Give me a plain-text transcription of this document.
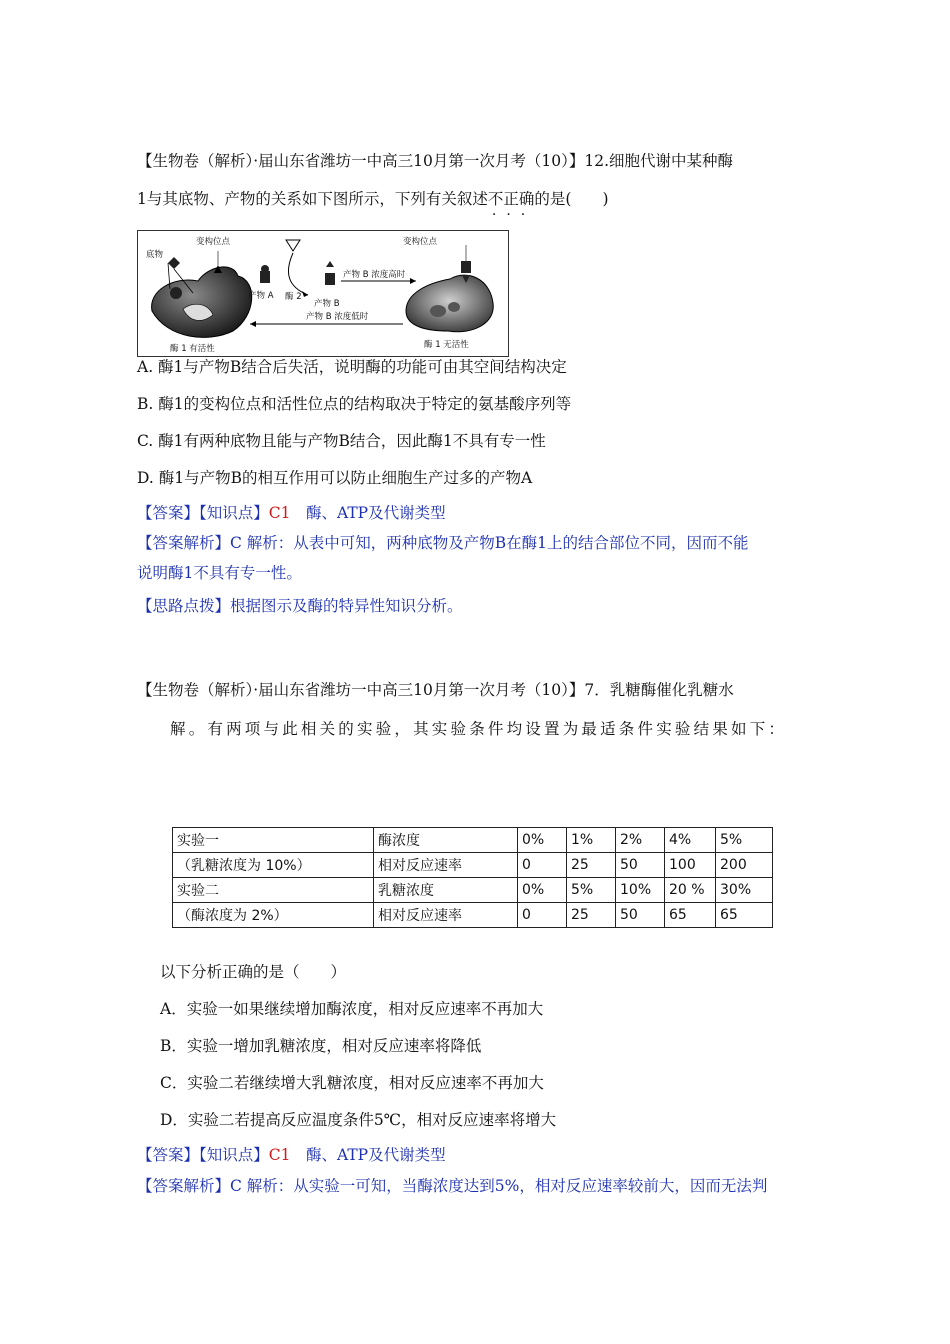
【生物卷（解析）·届山东省潍坊一中高三10月第一次月考（10）】12.细胞代谢中某种酶
1与其底物、产物的关系如下图所示，下列有关叙述不正确
···
的是(　　)
底物
变构位点
酶 1 有活性
产物 A 酶 2
产物 B
产物 B 浓度高时
产物 B 浓度低时
变构位点
酶 1 无活性
A. 酶1与产物B结合后失活，说明酶的功能可由其空间结构决定
B. 酶1的变构位点和活性位点的结构取决于特定的氨基酸序列等
C. 酶1有两种底物且能与产物B结合，因此酶1不具有专一性
D. 酶1与产物B的相互作用可以防止细胞生产过多的产物A
【答案】【知识点】C1　酶、ATP及代谢类型
【答案解析】C 解析：从表中可知，两种底物及产物B在酶1上的结合部位不同，因而不能
说明酶1不具有专一性。
【思路点拨】根据图示及酶的特异性知识分析。
【生物卷（解析）·届山东省潍坊一中高三10月第一次月考（10）】7．乳糖酶催化乳糖水
解。有两项与此相关的实验，其实验条件均设置为最适条件实验结果如下：
实验一	酶浓度	0%	1%	2%	4%	5%
（乳糖浓度为 10%）	相对反应速率	0	25	50	100	200
实验二	乳糖浓度	0%	5%	10%	20 %	30%
（酶浓度为 2%）	相对反应速率	0	25	50	65	65
以下分析正确的是（　　）
A．实验一如果继续增加酶浓度，相对反应速率不再加大
B．实验一增加乳糖浓度，相对反应速率将降低
C．实验二若继续增大乳糖浓度，相对反应速率不再加大
D．实验二若提高反应温度条件5℃，相对反应速率将增大
【答案】【知识点】C1　酶、ATP及代谢类型
【答案解析】C 解析：从实验一可知，当酶浓度达到5%，相对反应速率较前大，因而无法判
